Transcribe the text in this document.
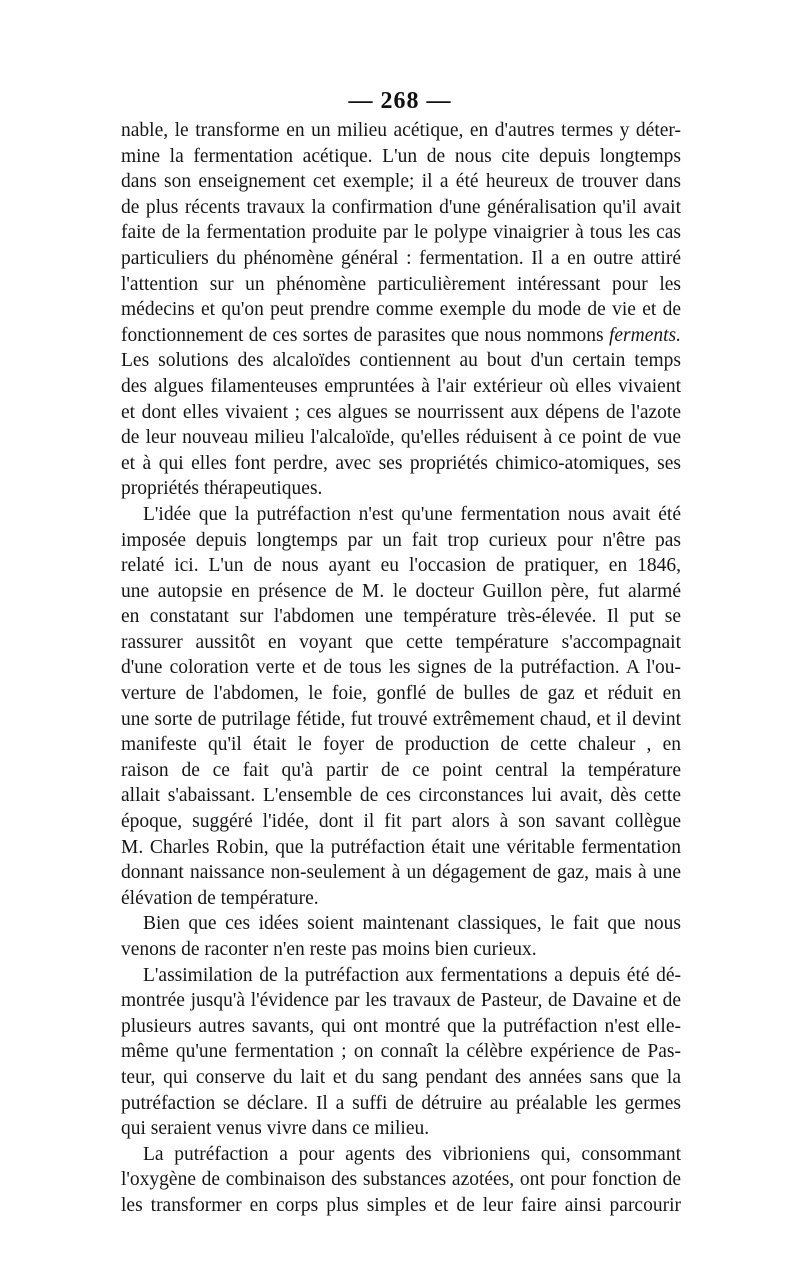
— 268 —
nable, le transforme en un milieu acétique, en d'autres termes y déter-
mine la fermentation acétique. L'un de nous cite depuis longtemps
dans son enseignement cet exemple; il a été heureux de trouver dans
de plus récents travaux la confirmation d'une généralisation qu'il avait
faite de la fermentation produite par le polype vinaigrier à tous les cas
particuliers du phénomène général : fermentation. Il a en outre attiré
l'attention sur un phénomène particulièrement intéressant pour les
médecins et qu'on peut prendre comme exemple du mode de vie et de
fonctionnement de ces sortes de parasites que nous nommons ferments.
Les solutions des alcaloïdes contiennent au bout d'un certain temps
des algues filamenteuses empruntées à l'air extérieur où elles vivaient
et dont elles vivaient ; ces algues se nourrissent aux dépens de l'azote
de leur nouveau milieu l'alcaloïde, qu'elles réduisent à ce point de vue
et à qui elles font perdre, avec ses propriétés chimico-atomiques, ses
propriétés thérapeutiques.
L'idée que la putréfaction n'est qu'une fermentation nous avait été
imposée depuis longtemps par un fait trop curieux pour n'être pas
relaté ici. L'un de nous ayant eu l'occasion de pratiquer, en 1846,
une autopsie en présence de M. le docteur Guillon père, fut alarmé
en constatant sur l'abdomen une température très-élevée. Il put se
rassurer aussitôt en voyant que cette température s'accompagnait
d'une coloration verte et de tous les signes de la putréfaction. A l'ou-
verture de l'abdomen, le foie, gonflé de bulles de gaz et réduit en
une sorte de putrilage fétide, fut trouvé extrêmement chaud, et il devint
manifeste qu'il était le foyer de production de cette chaleur , en
raison de ce fait qu'à partir de ce point central la température
allait s'abaissant. L'ensemble de ces circonstances lui avait, dès cette
époque, suggéré l'idée, dont il fit part alors à son savant collègue
M. Charles Robin, que la putréfaction était une véritable fermentation
donnant naissance non-seulement à un dégagement de gaz, mais à une
élévation de température.
Bien que ces idées soient maintenant classiques, le fait que nous
venons de raconter n'en reste pas moins bien curieux.
L'assimilation de la putréfaction aux fermentations a depuis été dé-
montrée jusqu'à l'évidence par les travaux de Pasteur, de Davaine et de
plusieurs autres savants, qui ont montré que la putréfaction n'est elle-
même qu'une fermentation ; on connaît la célèbre expérience de Pas-
teur, qui conserve du lait et du sang pendant des années sans que la
putréfaction se déclare. Il a suffi de détruire au préalable les germes
qui seraient venus vivre dans ce milieu.
La putréfaction a pour agents des vibrioniens qui, consommant
l'oxygène de combinaison des substances azotées, ont pour fonction de
les transformer en corps plus simples et de leur faire ainsi parcourir
